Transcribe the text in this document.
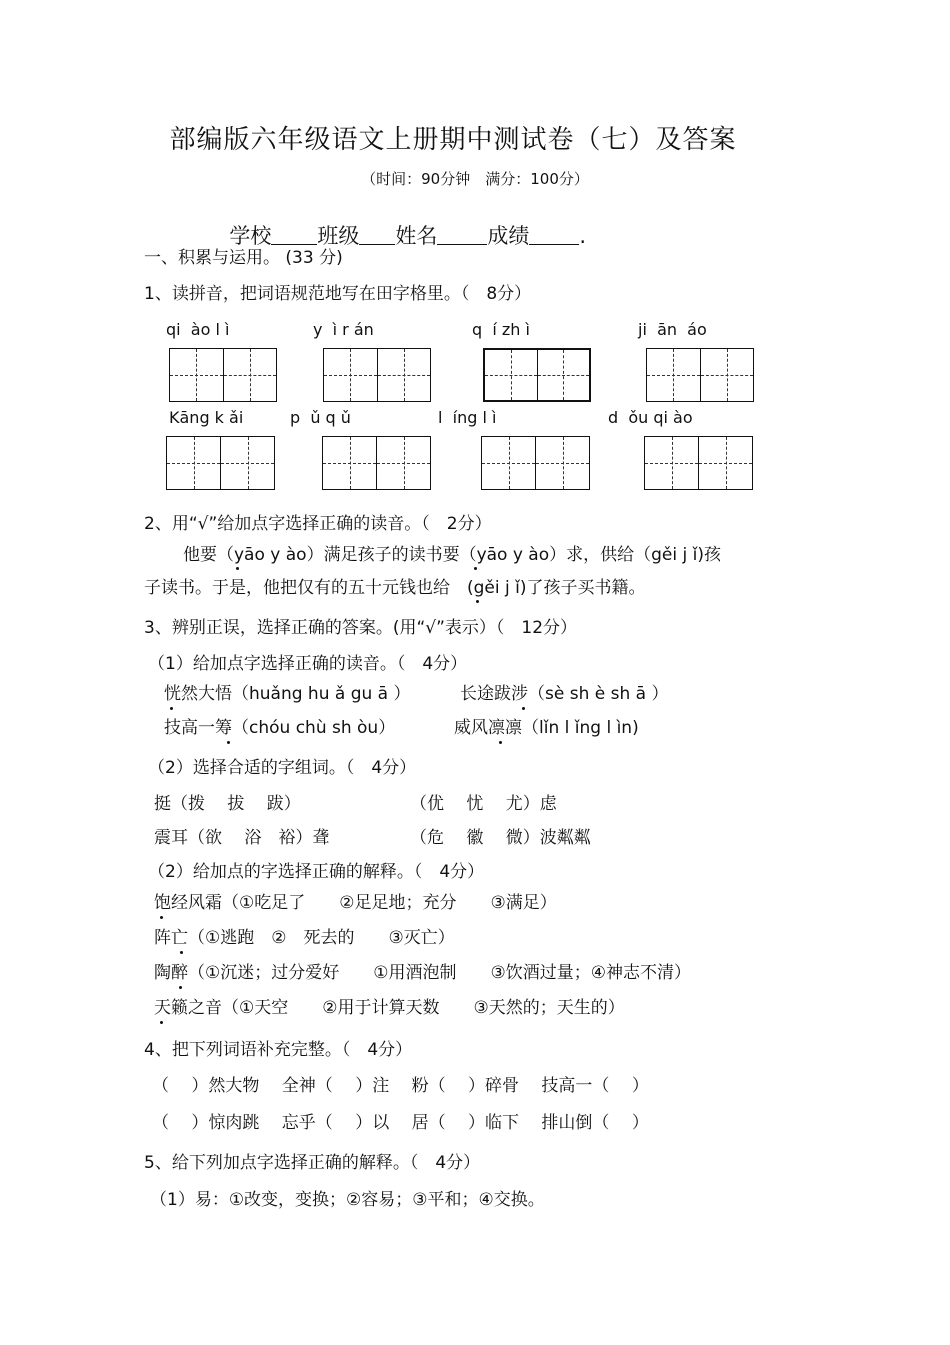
部编版六年级语文上册期中测试卷（七）及答案
（时间：90分钟　满分：100分）

学校 班级 姓名 成绩 .

一、积累与运用。 (33 分)
1、读拼音，把词语规范地写在田字格里。（　8分）
qi  ào l ì	y  ì r án	q  í zh ì	ji  ān  áo
Kāng k ǎi	p  ǔ q ǔ	l  íng l ì	d  ǒu qi ào
2、用“√”给加点字选择正确的读音。（　2分）
他要（yāo y ào）满足孩子的读书要（yāo y ào）求，供给（gěi j ǐ)孩
子读书。于是，他把仅有的五十元钱也给　(gěi j ǐ)了孩子买书籍。
3、辨别正误，选择正确的答案。(用“√”表示）（　12分）
（1）给加点字选择正确的读音。（　4分）
恍然大悟（huǎng hu ǎ gu ā ）	长途跋涉（sè sh è sh ā ）
技高一筹（chóu chù sh òu）	威风凛凛（lǐn l ǐng l ìn)
（2）选择合适的字组词。（　4分）
挺（拨　 拔　 跋）	（优　 忧　 尤）虑
震耳（欲　 浴　裕）聋	（危　 徽　 微）波粼粼
（2）给加点的字选择正确的解释。（　4分）
饱经风霜（①吃足了　　②足足地；充分　　③满足）
阵亡（①逃跑　②　死去的　　③灭亡）
陶醉（①沉迷；过分爱好　　①用酒泡制　　③饮酒过量；④神志不清）
天籁之音（①天空　　②用于计算天数　　③天然的；天生的）
4、把下列词语补充完整。（　4分）
（　 ）然大物　 全神（　 ）注　 粉（　 ）碎骨　 技高一（　 ）
（　 ）惊肉跳　 忘乎（　 ）以　 居（　 ）临下　 排山倒（　 ）
5、给下列加点字选择正确的解释。（　4分）
（1）易：①改变，变换；②容易；③平和；④交换。
